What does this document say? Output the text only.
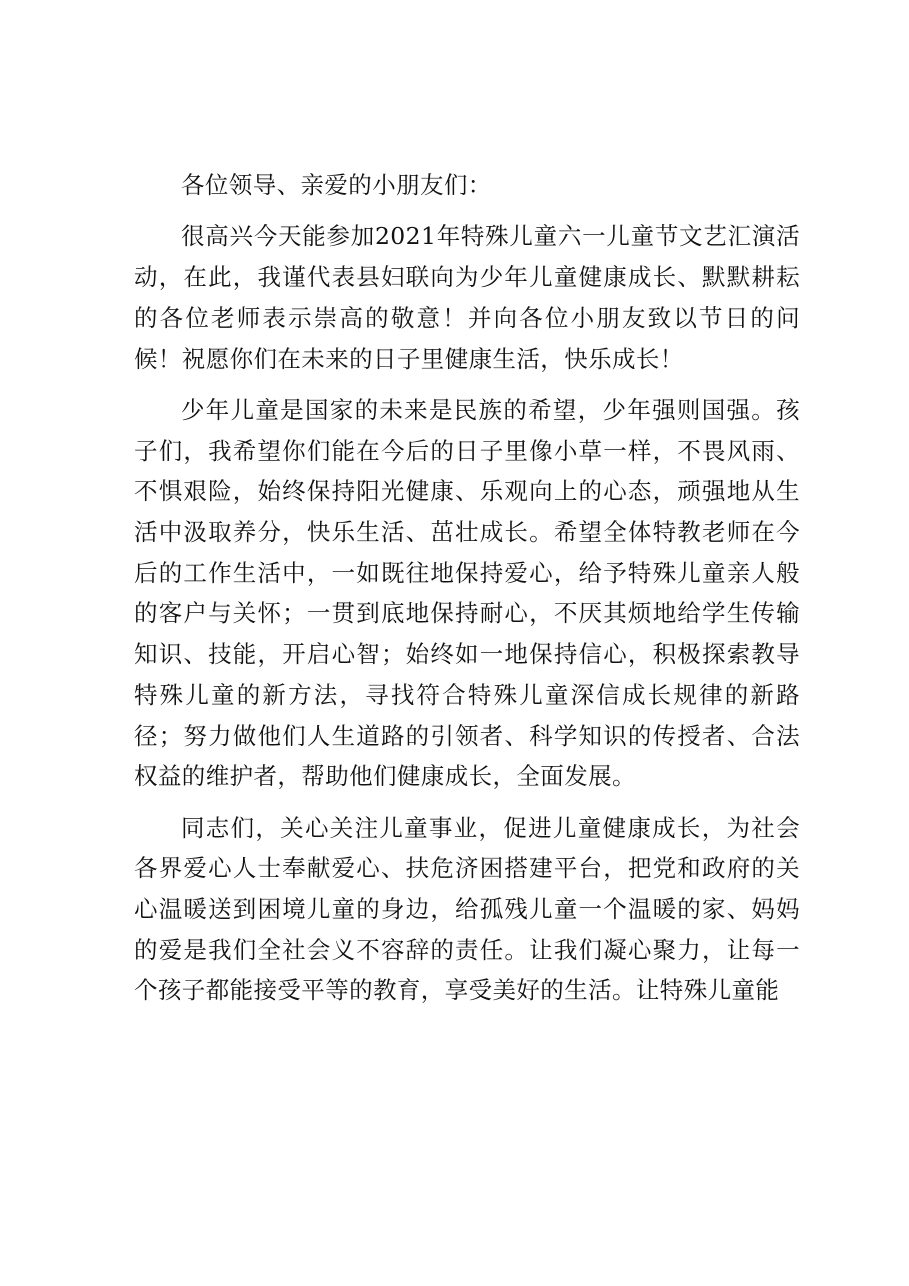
各位领导、亲爱的小朋友们：

很高兴今天能参加2021年特殊儿童六一儿童节文艺汇演活动，在此，我谨代表县妇联向为少年儿童健康成长、默默耕耘的各位老师表示崇高的敬意！并向各位小朋友致以节日的问候！祝愿你们在未来的日子里健康生活，快乐成长！

少年儿童是国家的未来是民族的希望，少年强则国强。孩子们，我希望你们能在今后的日子里像小草一样，不畏风雨、不惧艰险，始终保持阳光健康、乐观向上的心态，顽强地从生活中汲取养分，快乐生活、茁壮成长。希望全体特教老师在今后的工作生活中，一如既往地保持爱心，给予特殊儿童亲人般的客户与关怀；一贯到底地保持耐心，不厌其烦地给学生传输知识、技能，开启心智；始终如一地保持信心，积极探索教导特殊儿童的新方法，寻找符合特殊儿童深信成长规律的新路径；努力做他们人生道路的引领者、科学知识的传授者、合法权益的维护者，帮助他们健康成长，全面发展。

同志们，关心关注儿童事业，促进儿童健康成长，为社会各界爱心人士奉献爱心、扶危济困搭建平台，把党和政府的关心温暖送到困境儿童的身边，给孤残儿童一个温暖的家、妈妈的爱是我们全社会义不容辞的责任。让我们凝心聚力，让每一个孩子都能接受平等的教育，享受美好的生活。让特殊儿童能
